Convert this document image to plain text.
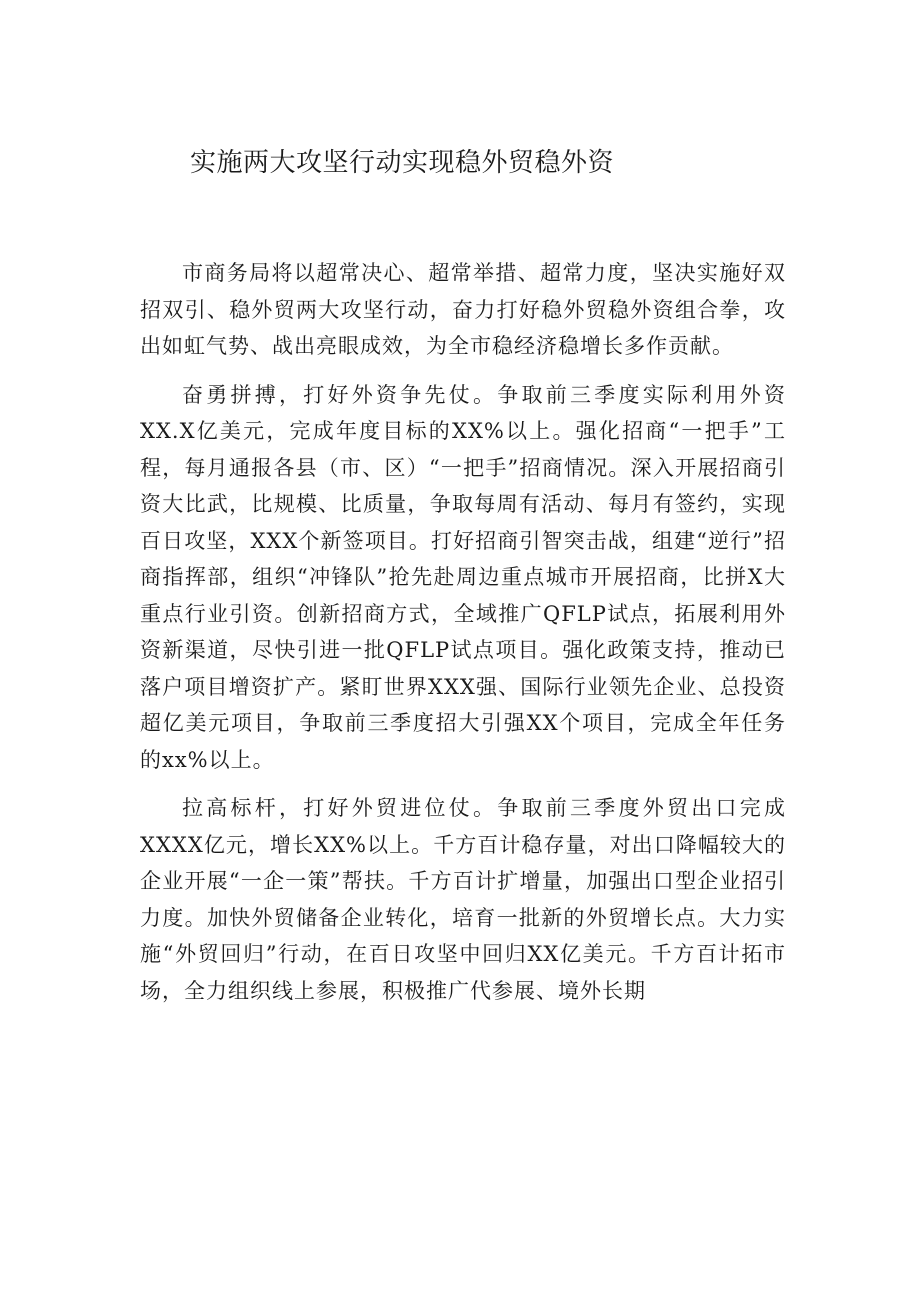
实施两大攻坚行动实现稳外贸稳外资

市商务局将以超常决心、超常举措、超常力度，坚决实施好双招双引、稳外贸两大攻坚行动，奋力打好稳外贸稳外资组合拳，攻出如虹气势、战出亮眼成效，为全市稳经济稳增长多作贡献。

奋勇拼搏，打好外资争先仗。争取前三季度实际利用外资XX.X亿美元，完成年度目标的XX%以上。强化招商“一把手”工程，每月通报各县（市、区）“一把手”招商情况。深入开展招商引资大比武，比规模、比质量，争取每周有活动、每月有签约，实现百日攻坚，XXX个新签项目。打好招商引智突击战，组建“逆行”招商指挥部，组织“冲锋队”抢先赴周边重点城市开展招商，比拼X大重点行业引资。创新招商方式，全域推广QFLP试点，拓展利用外资新渠道，尽快引进一批QFLP试点项目。强化政策支持，推动已落户项目增资扩产。紧盯世界XXX强、国际行业领先企业、总投资超亿美元项目，争取前三季度招大引强XX个项目，完成全年任务的xx%以上。

拉高标杆，打好外贸进位仗。争取前三季度外贸出口完成XXXX亿元，增长XX%以上。千方百计稳存量，对出口降幅较大的企业开展“一企一策”帮扶。千方百计扩增量，加强出口型企业招引力度。加快外贸储备企业转化，培育一批新的外贸增长点。大力实施“外贸回归”行动，在百日攻坚中回归XX亿美元。千方百计拓市场，全力组织线上参展，积极推广代参展、境外长期
